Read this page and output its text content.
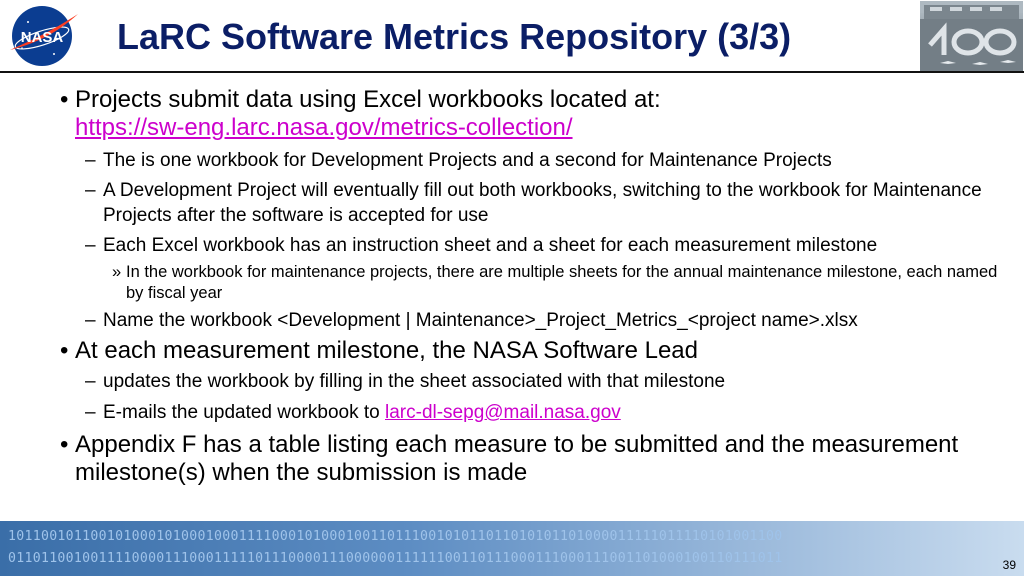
NASA LaRC Software Metrics Repository (3/3)
• Projects submit data using Excel workbooks located at:
https://sw-eng.larc.nasa.gov/metrics-collection/
– The is one workbook for Development Projects and a second for Maintenance Projects
– A Development Project will eventually fill out both workbooks, switching to the workbook for Maintenance Projects after the software is accepted for use
– Each Excel workbook has an instruction sheet and a sheet for each measurement milestone
» In the workbook for maintenance projects, there are multiple sheets for the annual maintenance milestone, each named by fiscal year
– Name the workbook <Development | Maintenance>_Project_Metrics_<project name>.xlsx
• At each measurement milestone, the NASA Software Lead
– updates the workbook by filling in the sheet associated with that milestone
– E-mails the updated workbook to larc-dl-sepg@mail.nasa.gov
• Appendix F has a table listing each measure to be submitted and the measurement milestone(s) when the submission is made
1011001011001010001010001000111100010100010011011100101011011010101101000011111011110101001100
0110110010011110000111000111110111000011100000011111100110111000111000111001101000100110111011	39
